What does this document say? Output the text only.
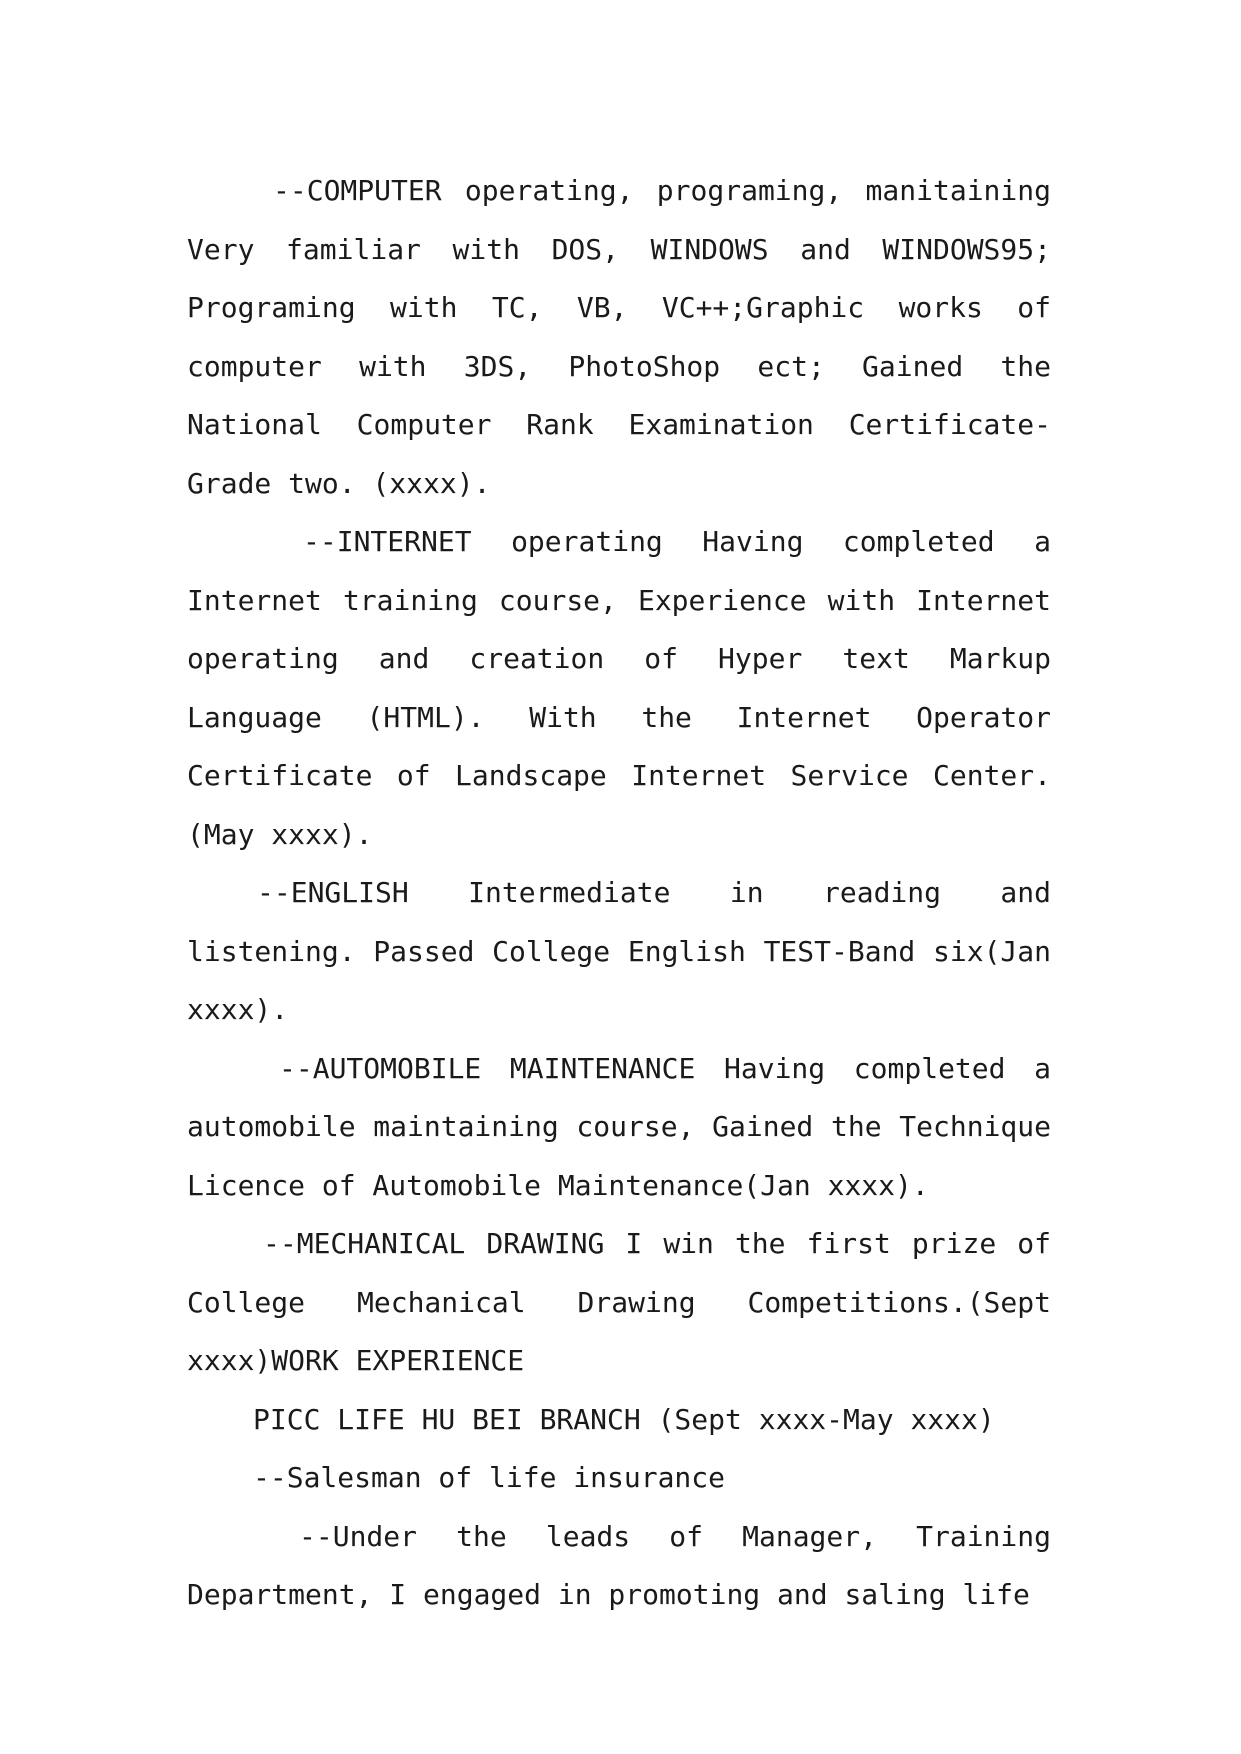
--COMPUTER operating, programing, manitaining Very familiar with DOS, WINDOWS and WINDOWS95; Programing with TC, VB, VC++;Graphic works of computer with 3DS, PhotoShop ect; Gained the National Computer Rank Examination Certificate-Grade two. (xxxx).

--INTERNET operating Having completed a Internet training course, Experience with Internet operating and creation of Hyper text Markup Language (HTML). With the Internet Operator Certificate of Landscape Internet Service Center. (May xxxx).

--ENGLISH Intermediate in reading and listening. Passed College English TEST-Band six(Jan xxxx).

--AUTOMOBILE MAINTENANCE Having completed a automobile maintaining course, Gained the Technique Licence of Automobile Maintenance(Jan xxxx).

--MECHANICAL DRAWING I win the first prize of College Mechanical Drawing Competitions.(Sept xxxx)WORK EXPERIENCE

PICC LIFE HU BEI BRANCH (Sept xxxx-May xxxx)

--Salesman of life insurance

--Under the leads of Manager, Training Department, I engaged in promoting and saling life
